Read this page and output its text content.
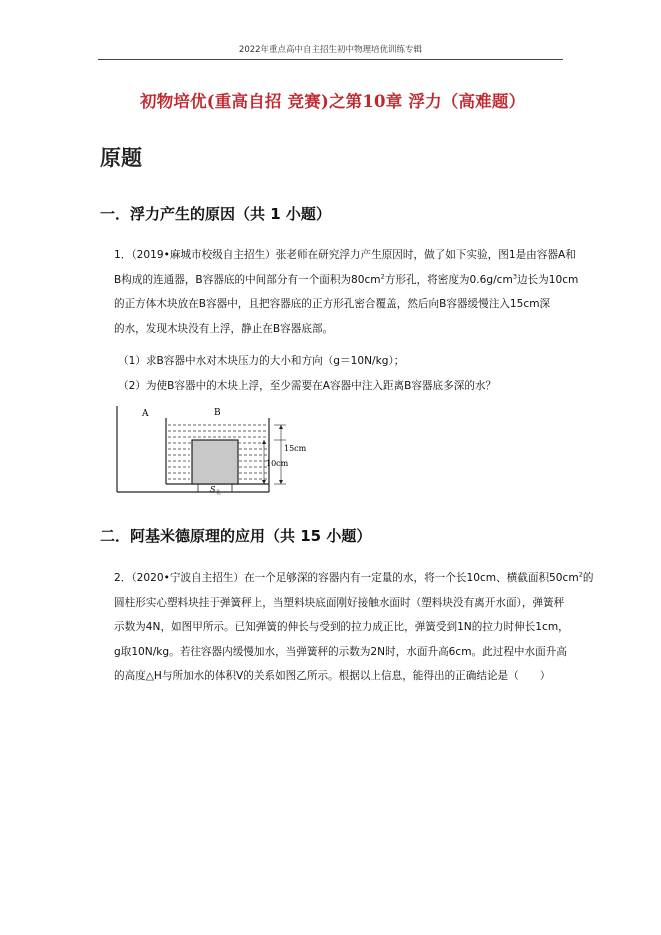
2022年重点高中自主招生初中物理培优训练专辑
初物培优(重高自招 竞赛)之第10章 浮力（高难题）
原题
一．浮力产生的原因（共 1 小题）

1．（2019•麻城市校级自主招生）张老师在研究浮力产生原因时，做了如下实验，图1是由容器A和

B构成的连通器，B容器底的中间部分有一个面积为$80cm^2$方形孔，将密度为$0.6g/cm^3$边长为10cm

的正方体木块放在B容器中，且把容器底的正方形孔密合覆盖，然后向B容器缓慢注入15cm深

的水，发现木块没有上浮，静止在B容器底部。

（1）求B容器中水对木块压力的大小和方向（g＝10N/kg）；
（2）为使B容器中的木块上浮，至少需要在A容器中注入距离B容器底多深的水？
A	B
15cm
10cm
S 孔
二．阿基米德原理的应用（共 15 小题）

2．（2020•宁波自主招生）在一个足够深的容器内有一定量的水，将一个长10cm、横截面积$50cm^2$的

圆柱形实心塑料块挂于弹簧秤上，当塑料块底面刚好接触水面时（塑料块没有离开水面），弹簧秤

示数为4N，如图甲所示。已知弹簧的伸长与受到的拉力成正比，弹簧受到1N的拉力时伸长1cm，

g取10N/kg。若往容器内缓慢加水，当弹簧秤的示数为2N时，水面升高6cm。此过程中水面升高

的高度△H与所加水的体积V的关系如图乙所示。根据以上信息，能得出的正确结论是（　　）
